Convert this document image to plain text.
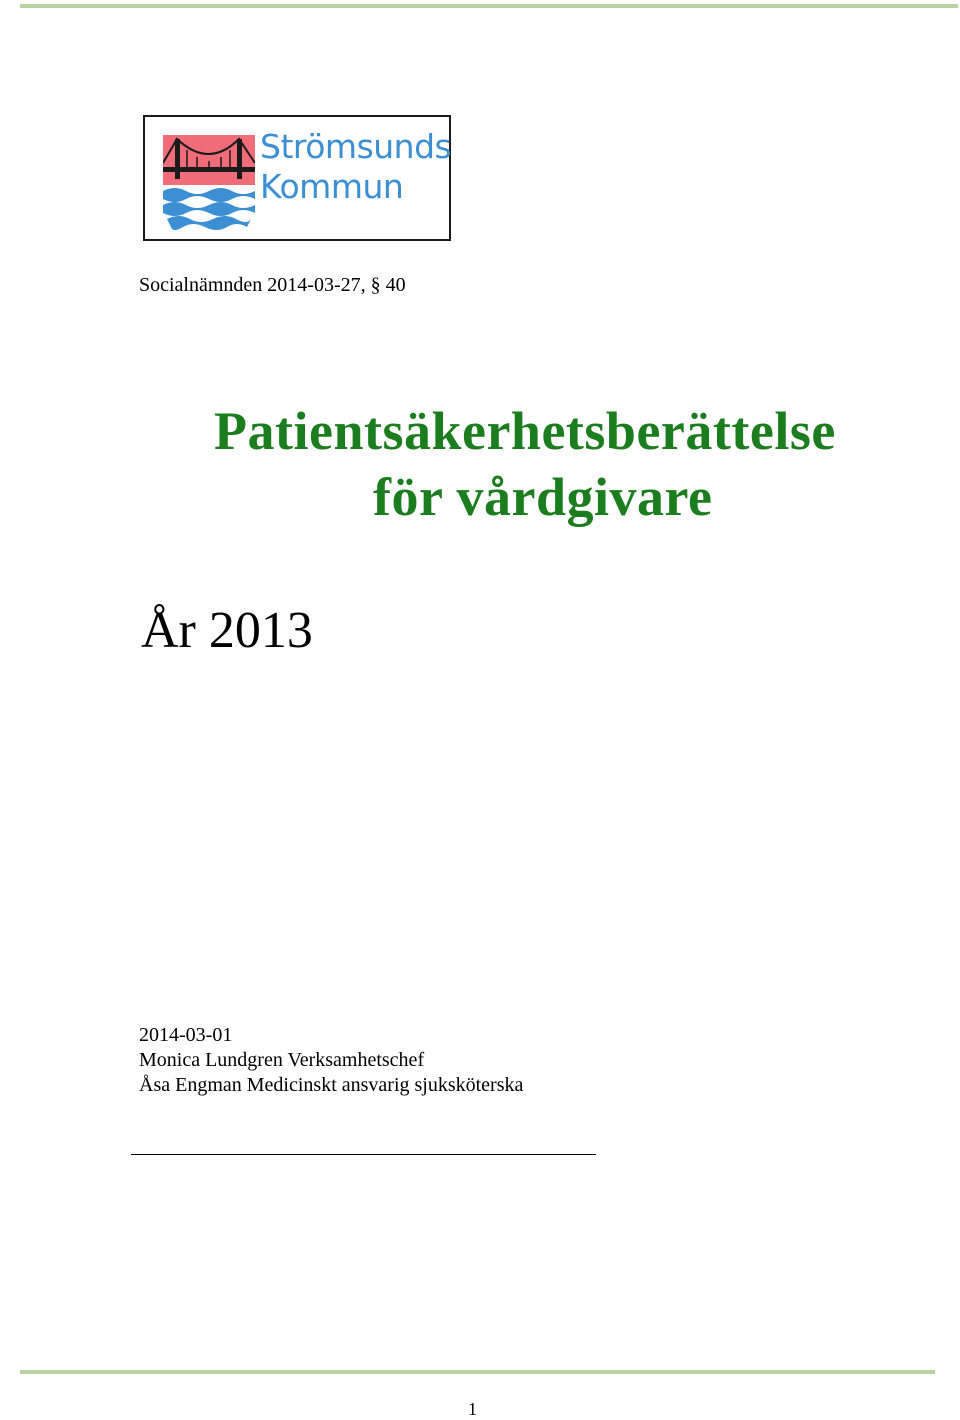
Strömsunds
Kommun
Socialnämnden 2014-03-27, § 40
Patientsäkerhetsberättelse
för vårdgivare
År 2013
2014-03-01
Monica Lundgren Verksamhetschef
Åsa Engman Medicinskt ansvarig sjuksköterska
1
